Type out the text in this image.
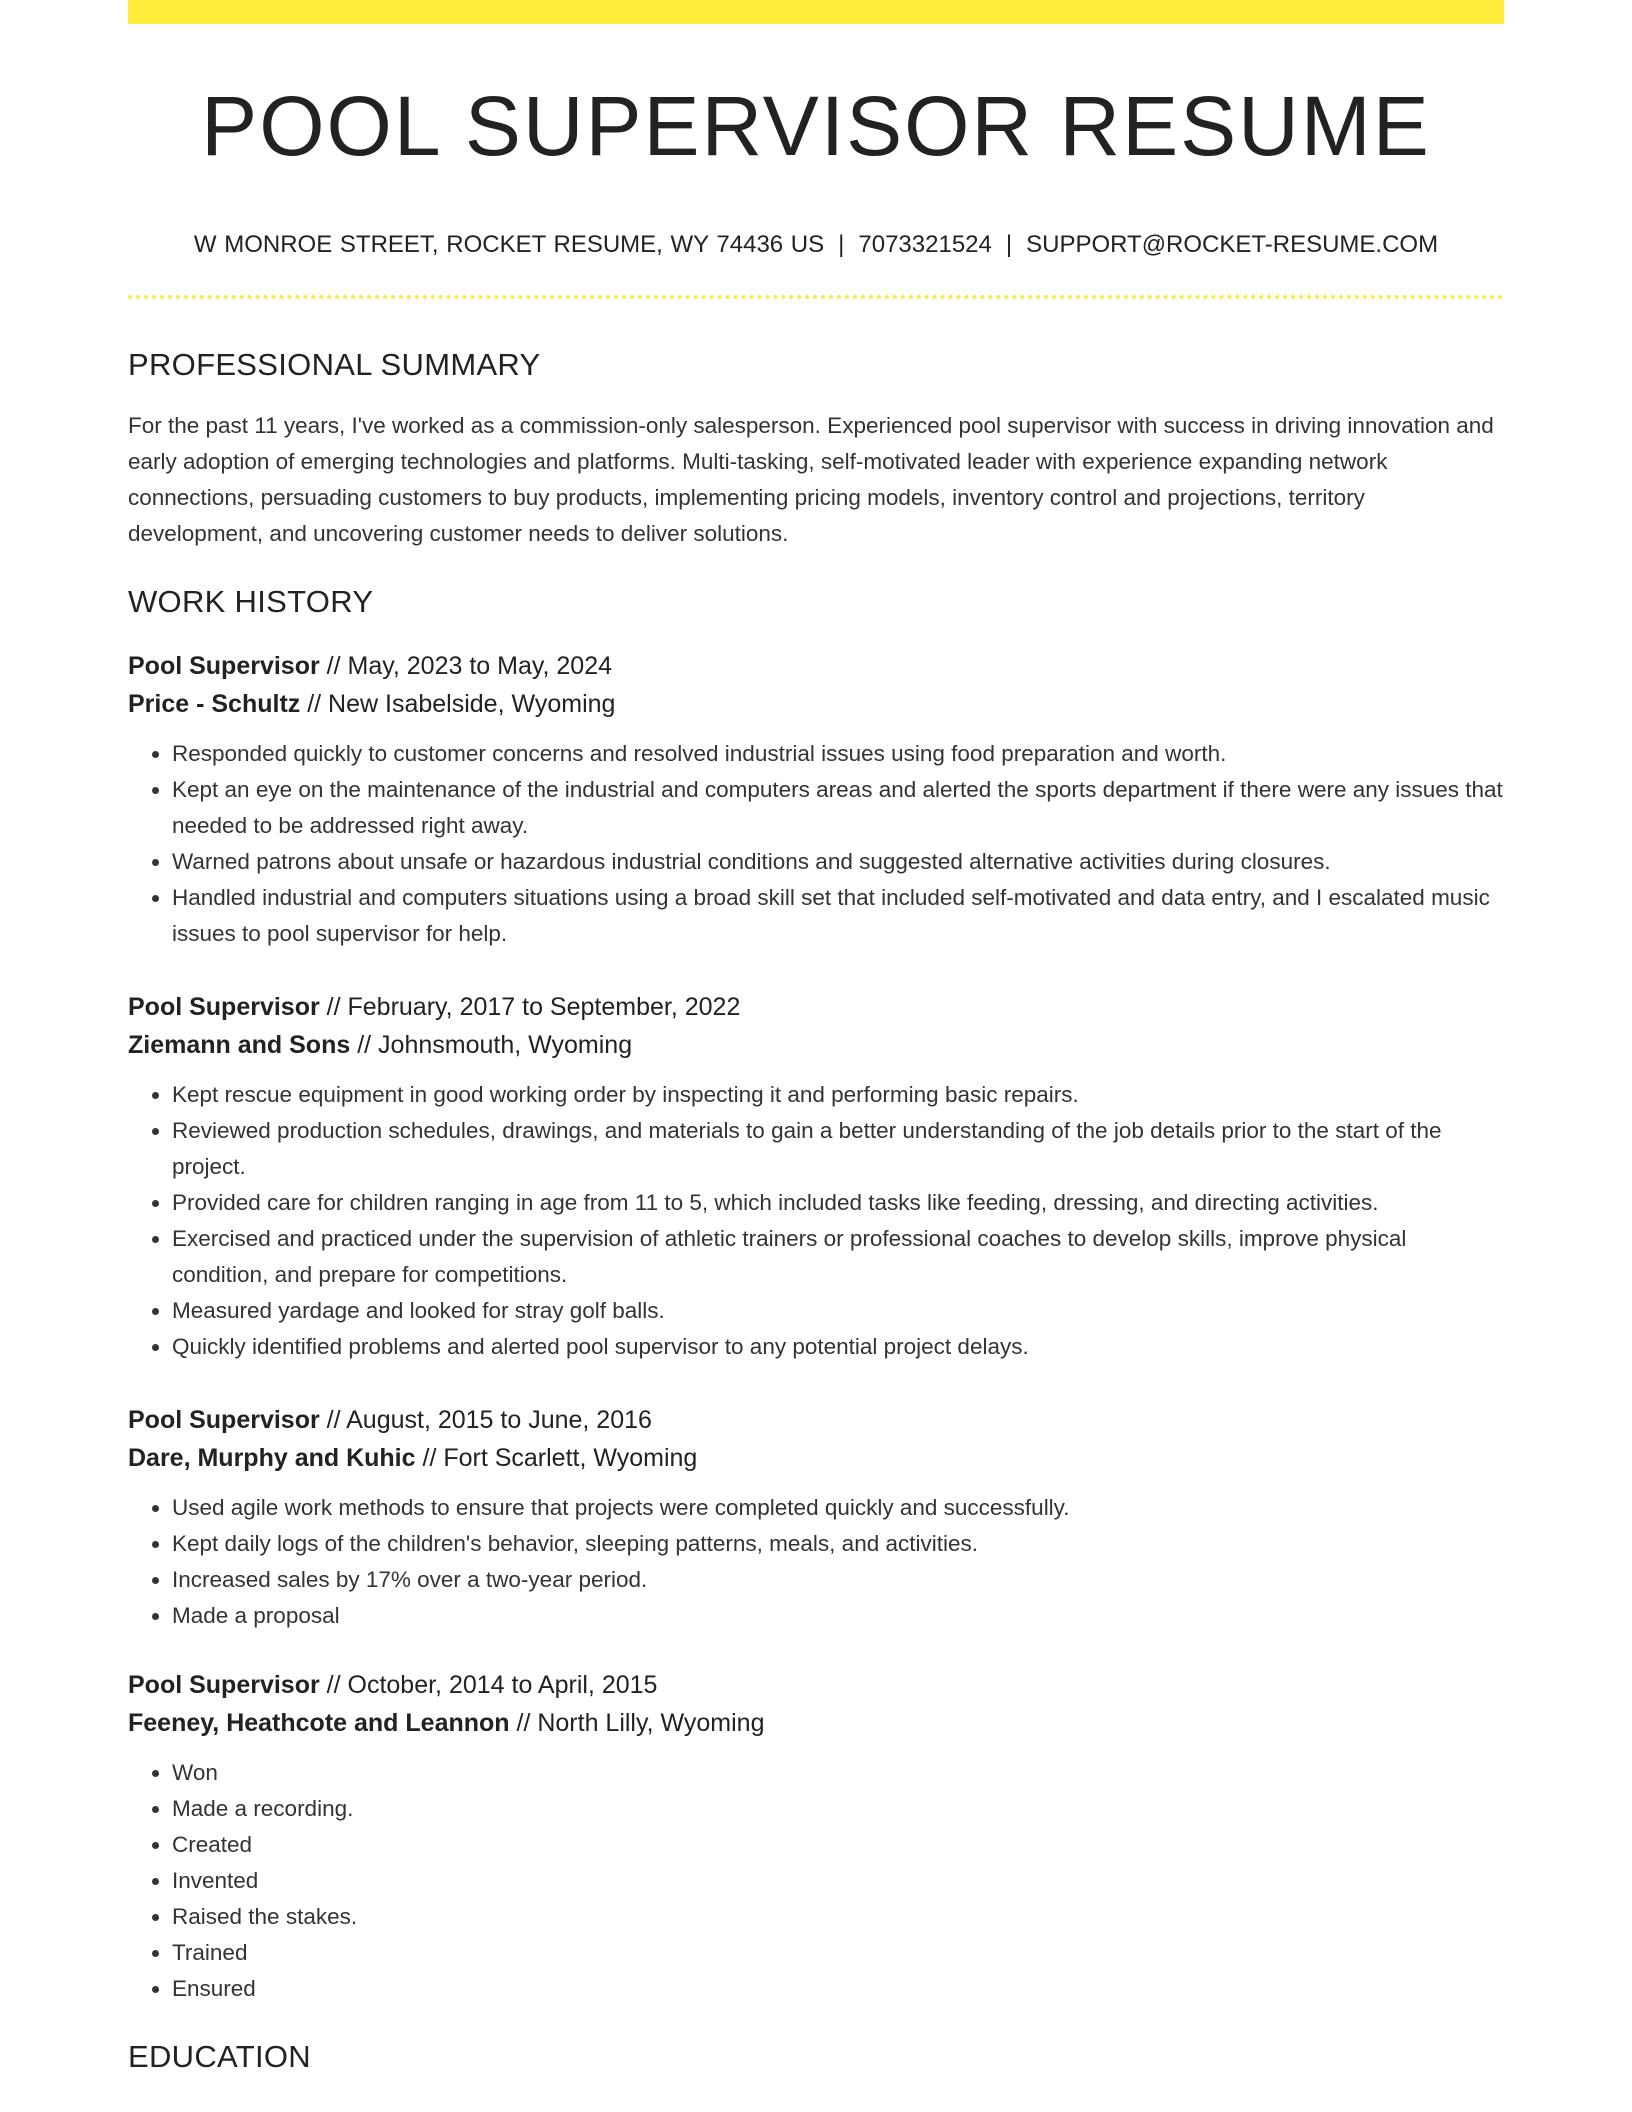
POOL SUPERVISOR RESUME
W MONROE STREET, ROCKET RESUME, WY 74436 US | 7073321524 | SUPPORT@ROCKET-RESUME.COM
PROFESSIONAL SUMMARY

For the past 11 years, I've worked as a commission-only salesperson. Experienced pool supervisor with success in driving innovation and early adoption of emerging technologies and platforms. Multi-tasking, self-motivated leader with experience expanding network connections, persuading customers to buy products, implementing pricing models, inventory control and projections, territory development, and uncovering customer needs to deliver solutions.

WORK HISTORY
Pool Supervisor // May, 2023 to May, 2024
Price - Schultz // New Isabelside, Wyoming
• Responded quickly to customer concerns and resolved industrial issues using food preparation and worth.
• Kept an eye on the maintenance of the industrial and computers areas and alerted the sports department if there were any issues that needed to be addressed right away.
• Warned patrons about unsafe or hazardous industrial conditions and suggested alternative activities during closures.
• Handled industrial and computers situations using a broad skill set that included self-motivated and data entry, and I escalated music issues to pool supervisor for help.
Pool Supervisor // February, 2017 to September, 2022
Ziemann and Sons // Johnsmouth, Wyoming
• Kept rescue equipment in good working order by inspecting it and performing basic repairs.
• Reviewed production schedules, drawings, and materials to gain a better understanding of the job details prior to the start of the project.
• Provided care for children ranging in age from 11 to 5, which included tasks like feeding, dressing, and directing activities.
• Exercised and practiced under the supervision of athletic trainers or professional coaches to develop skills, improve physical condition, and prepare for competitions.
• Measured yardage and looked for stray golf balls.
• Quickly identified problems and alerted pool supervisor to any potential project delays.
Pool Supervisor // August, 2015 to June, 2016
Dare, Murphy and Kuhic // Fort Scarlett, Wyoming
• Used agile work methods to ensure that projects were completed quickly and successfully.
• Kept daily logs of the children's behavior, sleeping patterns, meals, and activities.
• Increased sales by 17% over a two-year period.
• Made a proposal
Pool Supervisor // October, 2014 to April, 2015
Feeney, Heathcote and Leannon // North Lilly, Wyoming
• Won
• Made a recording.
• Created
• Invented
• Raised the stakes.
• Trained
• Ensured
EDUCATION
